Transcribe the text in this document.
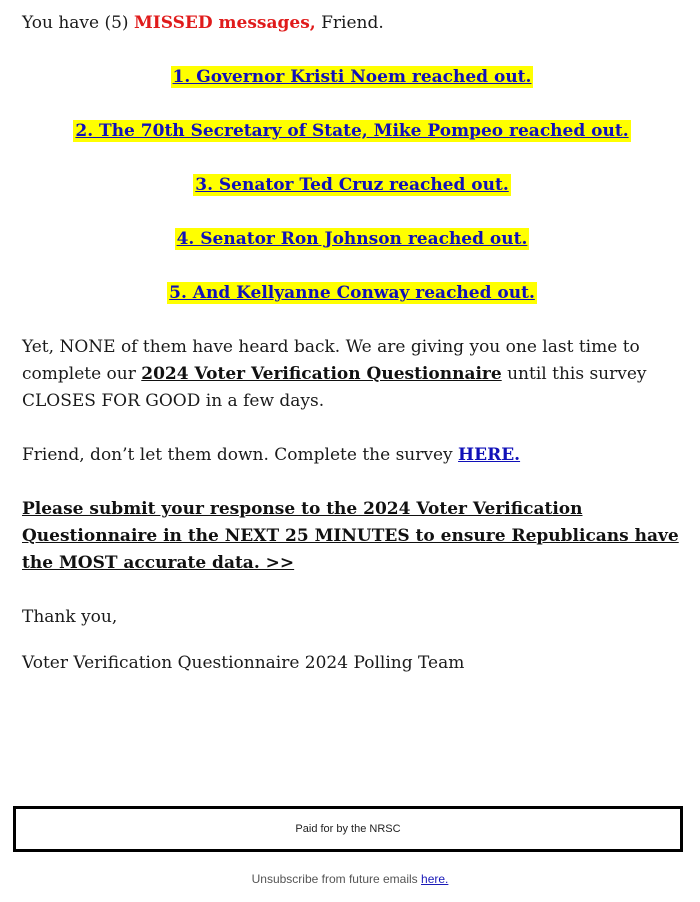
You have (5) MISSED messages, Friend.

1. Governor Kristi Noem reached out.
2. The 70th Secretary of State, Mike Pompeo reached out.
3. Senator Ted Cruz reached out.
4. Senator Ron Johnson reached out.
5. And Kellyanne Conway reached out.

Yet, NONE of them have heard back. We are giving you one last time to complete our 2024 Voter Verification Questionnaire until this survey CLOSES FOR GOOD in a few days.

Friend, don’t let them down. Complete the survey HERE.

Please submit your response to the 2024 Voter Verification Questionnaire in the NEXT 25 MINUTES to ensure Republicans have the MOST accurate data. >>

Thank you,

Voter Verification Questionnaire 2024 Polling Team

Paid for by the NRSC
Unsubscribe from future emails here.
